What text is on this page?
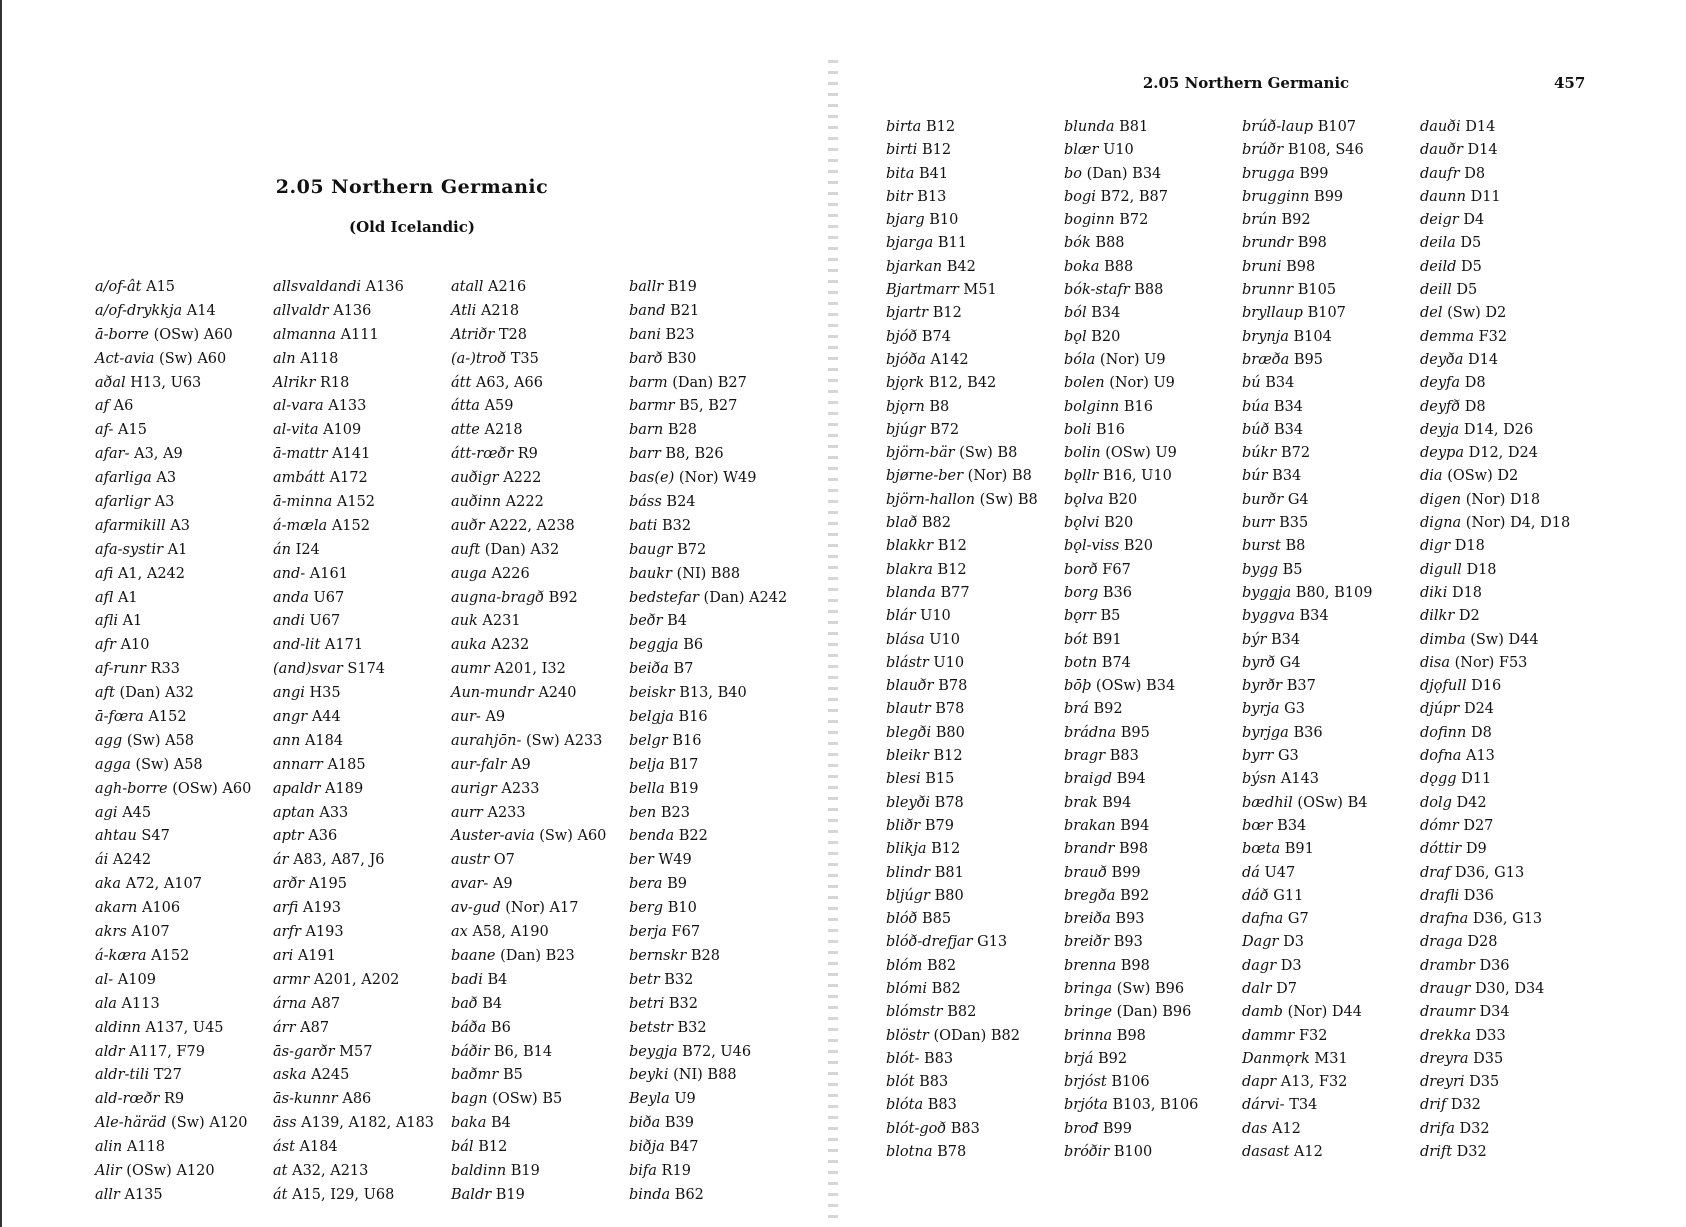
2.05 Northern Germanic
(Old Icelandic)
a/of-ât A15
a/of-drykkja A14
ā-borre (OSw) A60
Act-avia (Sw) A60
aðal H13, U63
af A6
af- A15
afar- A3, A9
afarliga A3
afarligr A3
afarmikill A3
afa-systir A1
afi A1, A242
afl A1
afli A1
afr A10
af-runr R33
aft (Dan) A32
ā-fœra A152
agg (Sw) A58
agga (Sw) A58
agh-borre (OSw) A60
agi A45
ahtau S47
ái A242
aka A72, A107
akarn A106
akrs A107
á-kæra A152
al- A109
ala A113
aldinn A137, U45
aldr A117, F79
aldr-tili T27
ald-rœðr R9
Ale-häräd (Sw) A120
alin A118
Alir (OSw) A120
allr A135
allsvaldandi A136
allvaldr A136
almanna A111
aln A118
Alrikr R18
al-vara A133
al-vita A109
ā-mattr A141
ambátt A172
ā-minna A152
á-mæla A152
án I24
and- A161
anda U67
andi U67
and-lit A171
(and)svar S174
angi H35
angr A44
ann A184
annarr A185
apaldr A189
aptan A33
aptr A36
ár A83, A87, J6
arðr A195
arfi A193
arfr A193
ari A191
armr A201, A202
árna A87
árr A87
ās-garðr M57
aska A245
ās-kunnr A86
āss A139, A182, A183
ást A184
at A32, A213
át A15, I29, U68
atall A216
Atli A218
Atriðr T28
(a-)troð T35
átt A63, A66
átta A59
atte A218
átt-rœðr R9
auðigr A222
auðinn A222
auðr A222, A238
auft (Dan) A32
auga A226
augna-bragð B92
auk A231
auka A232
aumr A201, I32
Aun-mundr A240
aur- A9
aurahjōn- (Sw) A233
aur-falr A9
aurigr A233
aurr A233
Auster-avia (Sw) A60
austr O7
avar- A9
av-gud (Nor) A17
ax A58, A190
baane (Dan) B23
badi B4
bað B4
báða B6
báðir B6, B14
baðmr B5
bagn (OSw) B5
baka B4
bál B12
baldinn B19
Baldr B19
ballr B19
band B21
bani B23
barð B30
barm (Dan) B27
barmr B5, B27
barn B28
barr B8, B26
bas(e) (Nor) W49
báss B24
bati B32
baugr B72
baukr (NI) B88
bedstefar (Dan) A242
beðr B4
beggja B6
beiða B7
beiskr B13, B40
belgja B16
belgr B16
belja B17
bella B19
ben B23
benda B22
ber W49
bera B9
berg B10
berja F67
bernskr B28
betr B32
betri B32
betstr B32
beygja B72, U46
beyki (NI) B88
Beyla U9
biða B39
biðja B47
bifa R19
binda B62
2.05 Northern Germanic	457
birta B12
birti B12
bita B41
bitr B13
bjarg B10
bjarga B11
bjarkan B42
Bjartmarr M51
bjartr B12
bjóð B74
bjóða A142
bjǫrk B12, B42
bjǫrn B8
bjúgr B72
björn-bär (Sw) B8
bjørne-ber (Nor) B8
björn-hallon (Sw) B8
blað B82
blakkr B12
blakra B12
blanda B77
blár U10
blása U10
blástr U10
blauðr B78
blautr B78
blegði B80
bleikr B12
blesi B15
bleyði B78
bliðr B79
blikja B12
blindr B81
bljúgr B80
blóð B85
blóð-drefjar G13
blóm B82
blómi B82
blómstr B82
blöstr (ODan) B82
blót- B83
blót B83
blóta B83
blót-goð B83
blotna B78
blunda B81
blær U10
bo (Dan) B34
bogi B72, B87
boginn B72
bók B88
boka B88
bók-stafr B88
ból B34
bǫl B20
bóla (Nor) U9
bolen (Nor) U9
bolginn B16
boli B16
bolin (OSw) U9
bǫllr B16, U10
bǫlva B20
bǫlvi B20
bǫl-viss B20
borð F67
borg B36
bǫrr B5
bót B91
botn B74
bōþ (OSw) B34
brá B92
brádna B95
bragr B83
braigd B94
brak B94
brakan B94
brandr B98
brauð B99
bregða B92
breiða B93
breiðr B93
brenna B98
bringa (Sw) B96
bringe (Dan) B96
brinna B98
brjá B92
brjóst B106
brjóta B103, B106
brođ B99
bróðir B100
brúð-laup B107
brúðr B108, S46
brugga B99
brugginn B99
brún B92
brundr B98
bruni B98
brunnr B105
bryllaup B107
brynja B104
bræða B95
bú B34
búa B34
búð B34
búkr B72
búr B34
burðr G4
burr B35
burst B8
bygg B5
byggja B80, B109
byggva B34
býr B34
byrð G4
byrðr B37
byrja G3
byrjga B36
byrr G3
býsn A143
bædhil (OSw) B4
bœr B34
bœta B91
dá U47
dáð G11
dafna G7
Dagr D3
dagr D3
dalr D7
damb (Nor) D44
dammr F32
Danmǫrk M31
dapr A13, F32
dárvi- T34
das A12
dasast A12
dauði D14
dauðr D14
daufr D8
daunn D11
deigr D4
deila D5
deild D5
deill D5
del (Sw) D2
demma F32
deyða D14
deyfa D8
deyfð D8
deyja D14, D26
deypa D12, D24
dia (OSw) D2
digen (Nor) D18
digna (Nor) D4, D18
digr D18
digull D18
diki D18
dilkr D2
dimba (Sw) D44
disa (Nor) F53
djǫfull D16
djúpr D24
dofinn D8
dofna A13
dǫgg D11
dolg D42
dómr D27
dóttir D9
draf D36, G13
drafli D36
drafna D36, G13
draga D28
drambr D36
draugr D30, D34
draumr D34
drekka D33
dreyra D35
dreyri D35
drif D32
drifa D32
drift D32
